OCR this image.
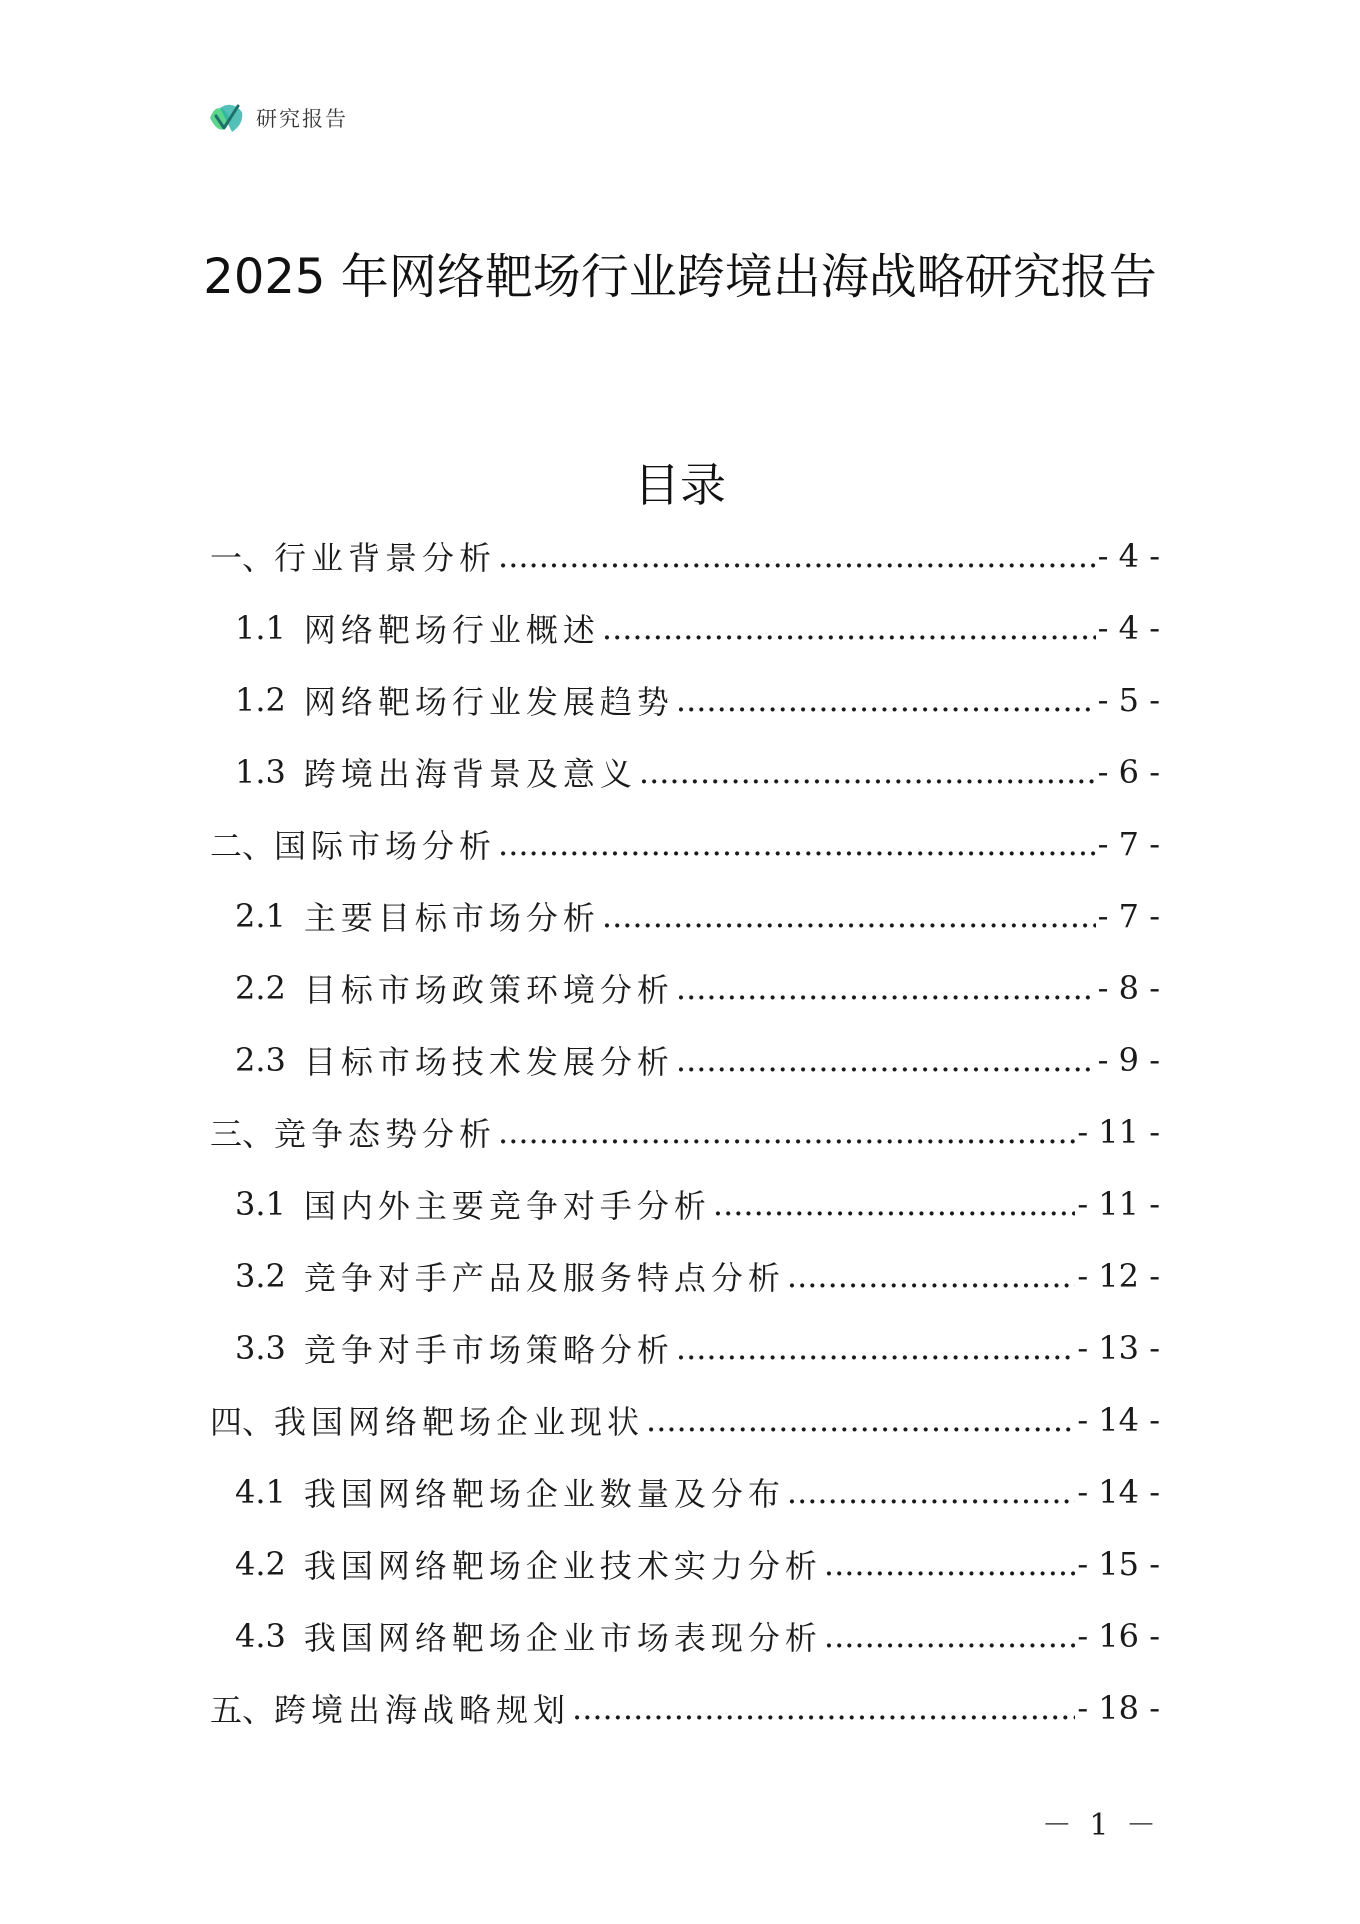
研究报告
2025 年网络靶场行业跨境出海战略研究报告
目录
一、 行业背景分析 .....	- 4 -
1.1 网络靶场行业概述 .....	- 4 -
1.2 网络靶场行业发展趋势 .....	- 5 -
1.3 跨境出海背景及意义 .....	- 6 -
二、 国际市场分析 .....	- 7 -
2.1 主要目标市场分析 .....	- 7 -
2.2 目标市场政策环境分析 .....	- 8 -
2.3 目标市场技术发展分析 .....	- 9 -
三、 竞争态势分析 .....	- 11 -
3.1 国内外主要竞争对手分析 .....	- 11 -
3.2 竞争对手产品及服务特点分析 .....	- 12 -
3.3 竞争对手市场策略分析 .....	- 13 -
四、 我国网络靶场企业现状 .....	- 14 -
4.1 我国网络靶场企业数量及分布 .....	- 14 -
4.2 我国网络靶场企业技术实力分析 .....	- 15 -
4.3 我国网络靶场企业市场表现分析 .....	- 16 -
五、 跨境出海战略规划 .....	- 18 -
－ 1 －
